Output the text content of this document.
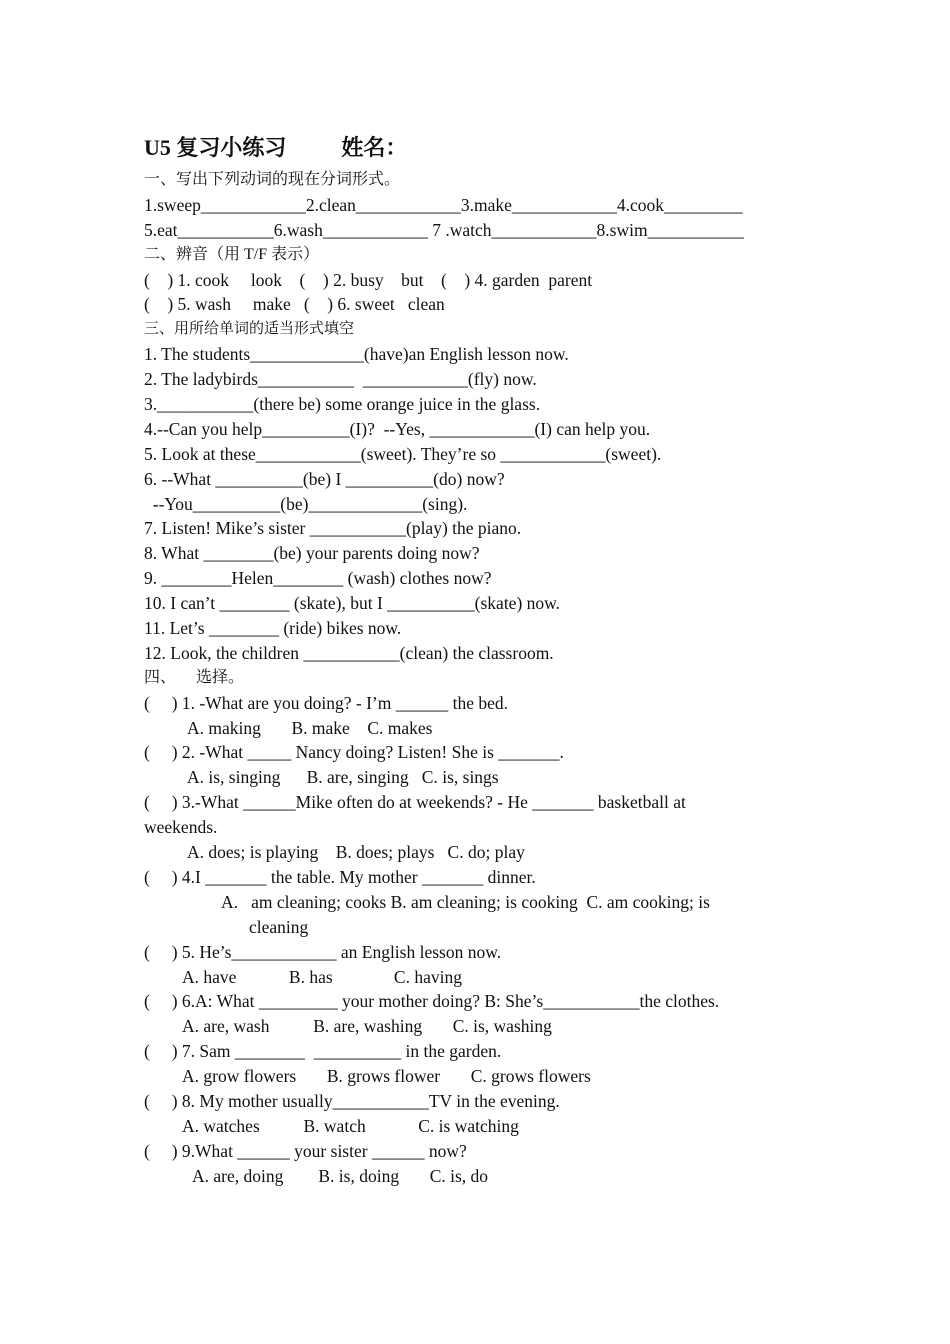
U5 复习小练习          姓名：
一、写出下列动词的现在分词形式。
1.sweep____________2.clean____________3.make____________4.cook_________
5.eat___________6.wash____________ 7 .watch____________8.swim___________
二、辨音（用 T/F 表示）
(    ) 1. cook     look    (    ) 2. busy    but    (    ) 4. garden  parent
(    ) 5. wash     make   (    ) 6. sweet   clean
三、用所给单词的适当形式填空
1. The students_____________(have)an English lesson now.
2. The ladybirds___________  ____________(fly) now.
3.___________(there be) some orange juice in the glass.
4.--Can you help__________(I)?  --Yes, ____________(I) can help you.
5. Look at these____________(sweet). They’re so ____________(sweet).
6. --What __________(be) I __________(do) now?
--You__________(be)_____________(sing).
7. Listen! Mike’s sister ___________(play) the piano.
8. What ________(be) your parents doing now?
9. ________Helen________ (wash) clothes now?
10. I can’t ________ (skate), but I __________(skate) now.
11. Let’s ________ (ride) bikes now.
12. Look, the children ___________(clean) the classroom.
四、     选择。
(     ) 1. -What are you doing? - I’m ______ the bed.
A. making       B. make    C. makes
(     ) 2. -What _____ Nancy doing? Listen! She is _______.
A. is, singing      B. are, singing   C. is, sings
(     ) 3.-What ______Mike often do at weekends? - He _______ basketball at
weekends.
A. does; is playing    B. does; plays   C. do; play
(     ) 4.I _______ the table. My mother _______ dinner.
A.   am cleaning; cooks B. am cleaning; is cooking  C. am cooking; is
cleaning
(     ) 5. He’s____________ an English lesson now.
A. have            B. has              C. having
(     ) 6.A: What _________ your mother doing? B: She’s___________the clothes.
A. are, wash          B. are, washing       C. is, washing
(     ) 7. Sam ________  __________ in the garden.
A. grow flowers       B. grows flower       C. grows flowers
(     ) 8. My mother usually___________TV in the evening.
A. watches          B. watch            C. is watching
(     ) 9.What ______ your sister ______ now?
A. are, doing        B. is, doing       C. is, do
